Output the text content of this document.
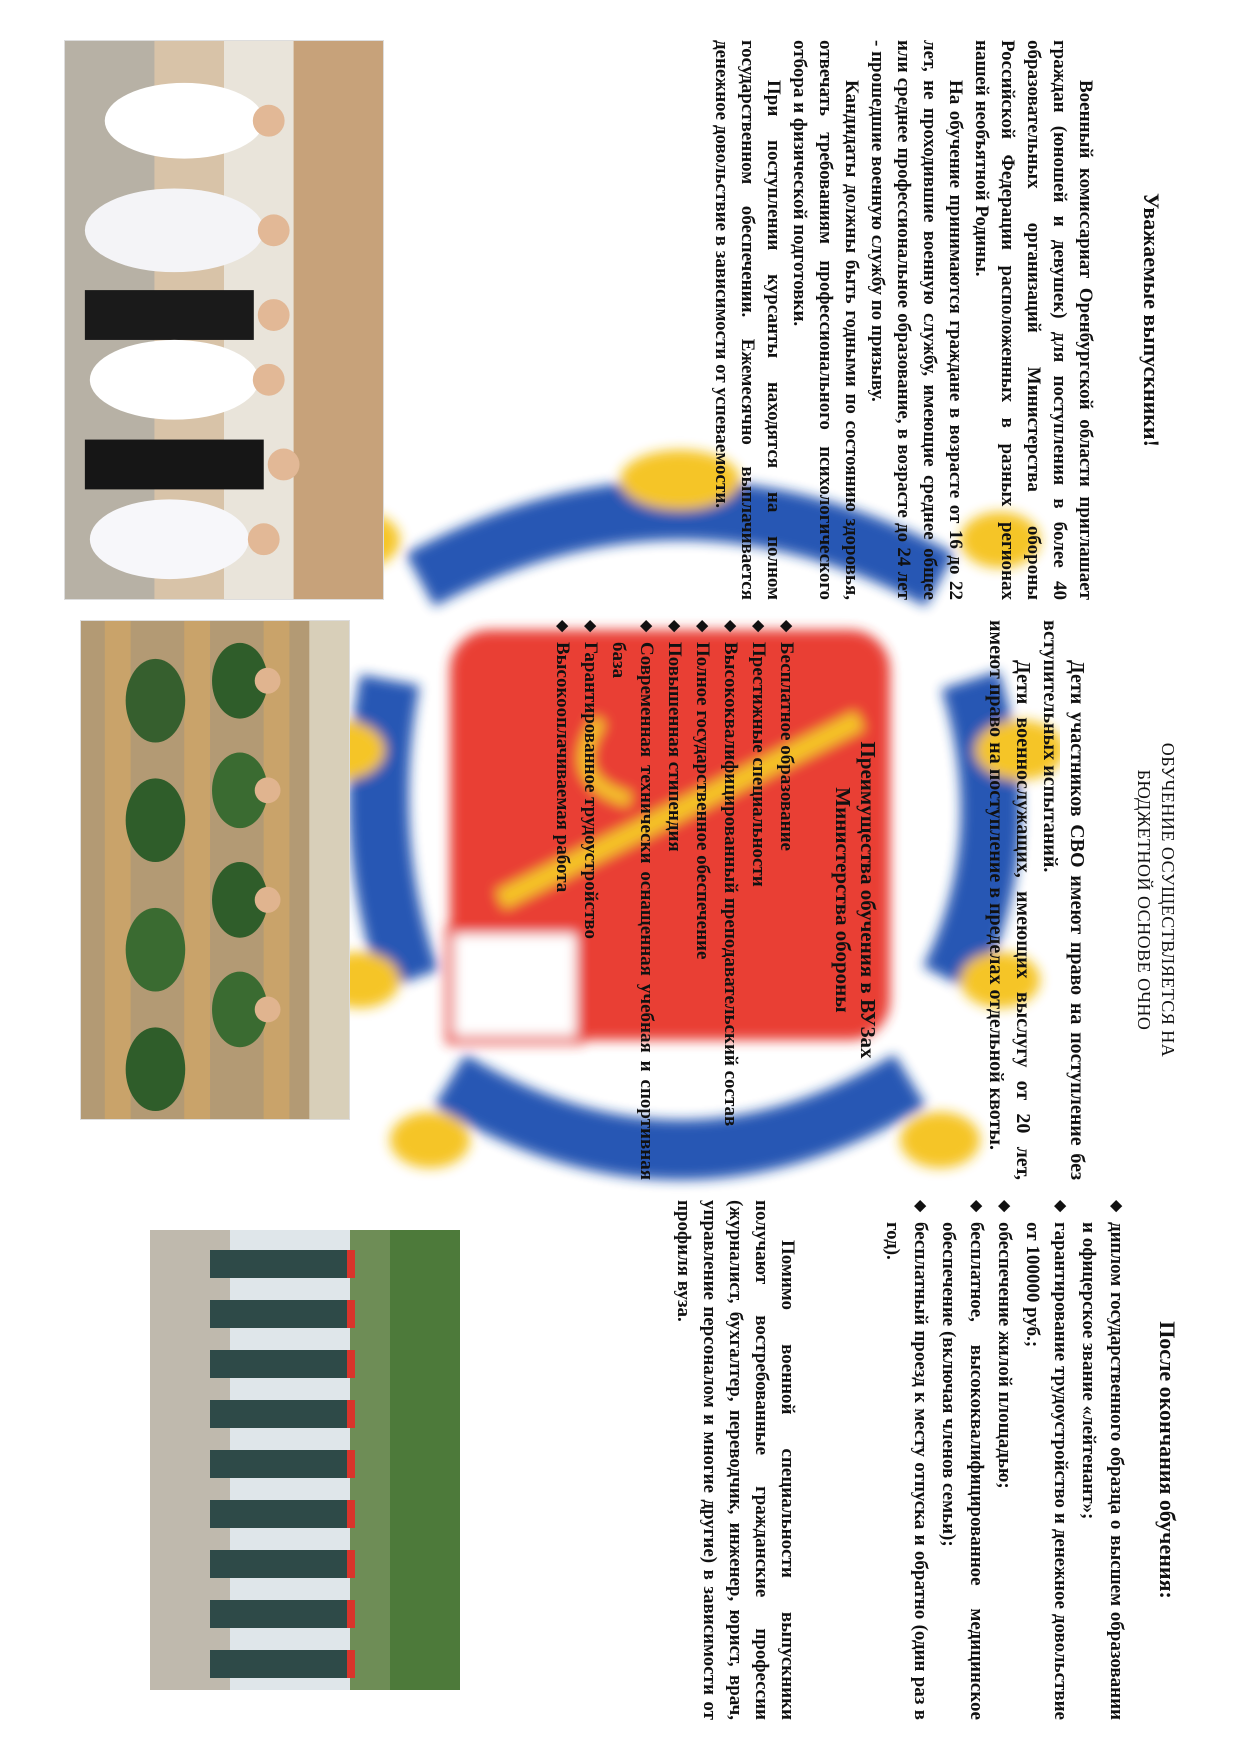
Уважаемые выпускники!

Военный комиссариат Оренбургской области приглашает граждан (юношей и девушек) для поступления в более 40 образовательных организаций Министерства обороны Российской Федерации расположенных в разных регионах нашей необъятной Родины.

На обучение принимаются граждане в возрасте от 16 до 22 лет, не проходившие военную службу, имеющие среднее общее или среднее профессиональное образование, в возрасте до 24 лет - прошедшие военную службу по призыву.

Кандидаты должны быть годными по состоянию здоровья, отвечать требованиям профессионального психологического отбора и физической подготовки.

При поступлении курсанты находятся на полном государственном обеспечении. Ежемесячно выплачивается денежное довольствие в зависимости от успеваемости.

ОБУЧЕНИЕ ОСУЩЕСТВЛЯЕТСЯ НА
БЮДЖЕТНОЙ ОСНОВЕ ОЧНО

Дети участников СВО имеют право на поступление без вступительных испытаний.

Дети военнослужащих, имеющих выслугу от 20 лет, имеют право на поступление в пределах отдельной квоты.

Преимущества обучения в ВУЗах
Министерства обороны
◆
Бесплатное образование
◆
Престижные специальности
◆
Высококвалифицированный преподавательский состав
◆
Полное государственное обеспечение
◆
Повышенная стипендия
◆
Современная технически оснащенная учебная и спортивная база
◆
Гарантированное трудоустройство
◆
Высокооплачиваемая работа
После окончания обучения:
◆
диплом государственного образца о высшем образовании и офицерское звание «лейтенант»;
◆
гарантирование трудоустройство и денежное довольствие от 100000 руб.;
◆
обеспечение жилой площадью;
◆
бесплатное, высококвалифицированное медицинское обеспечение (включая членов семьи);
◆
бесплатный проезд к месту отпуска и обратно (один раз в год).

Помимо военной специальности выпускники получают востребованные гражданские профессии (журналист, бухгалтер, переводчик, инженер, юрист, врач, управление персоналом и многие другие) в зависимости от профиля вуза.
